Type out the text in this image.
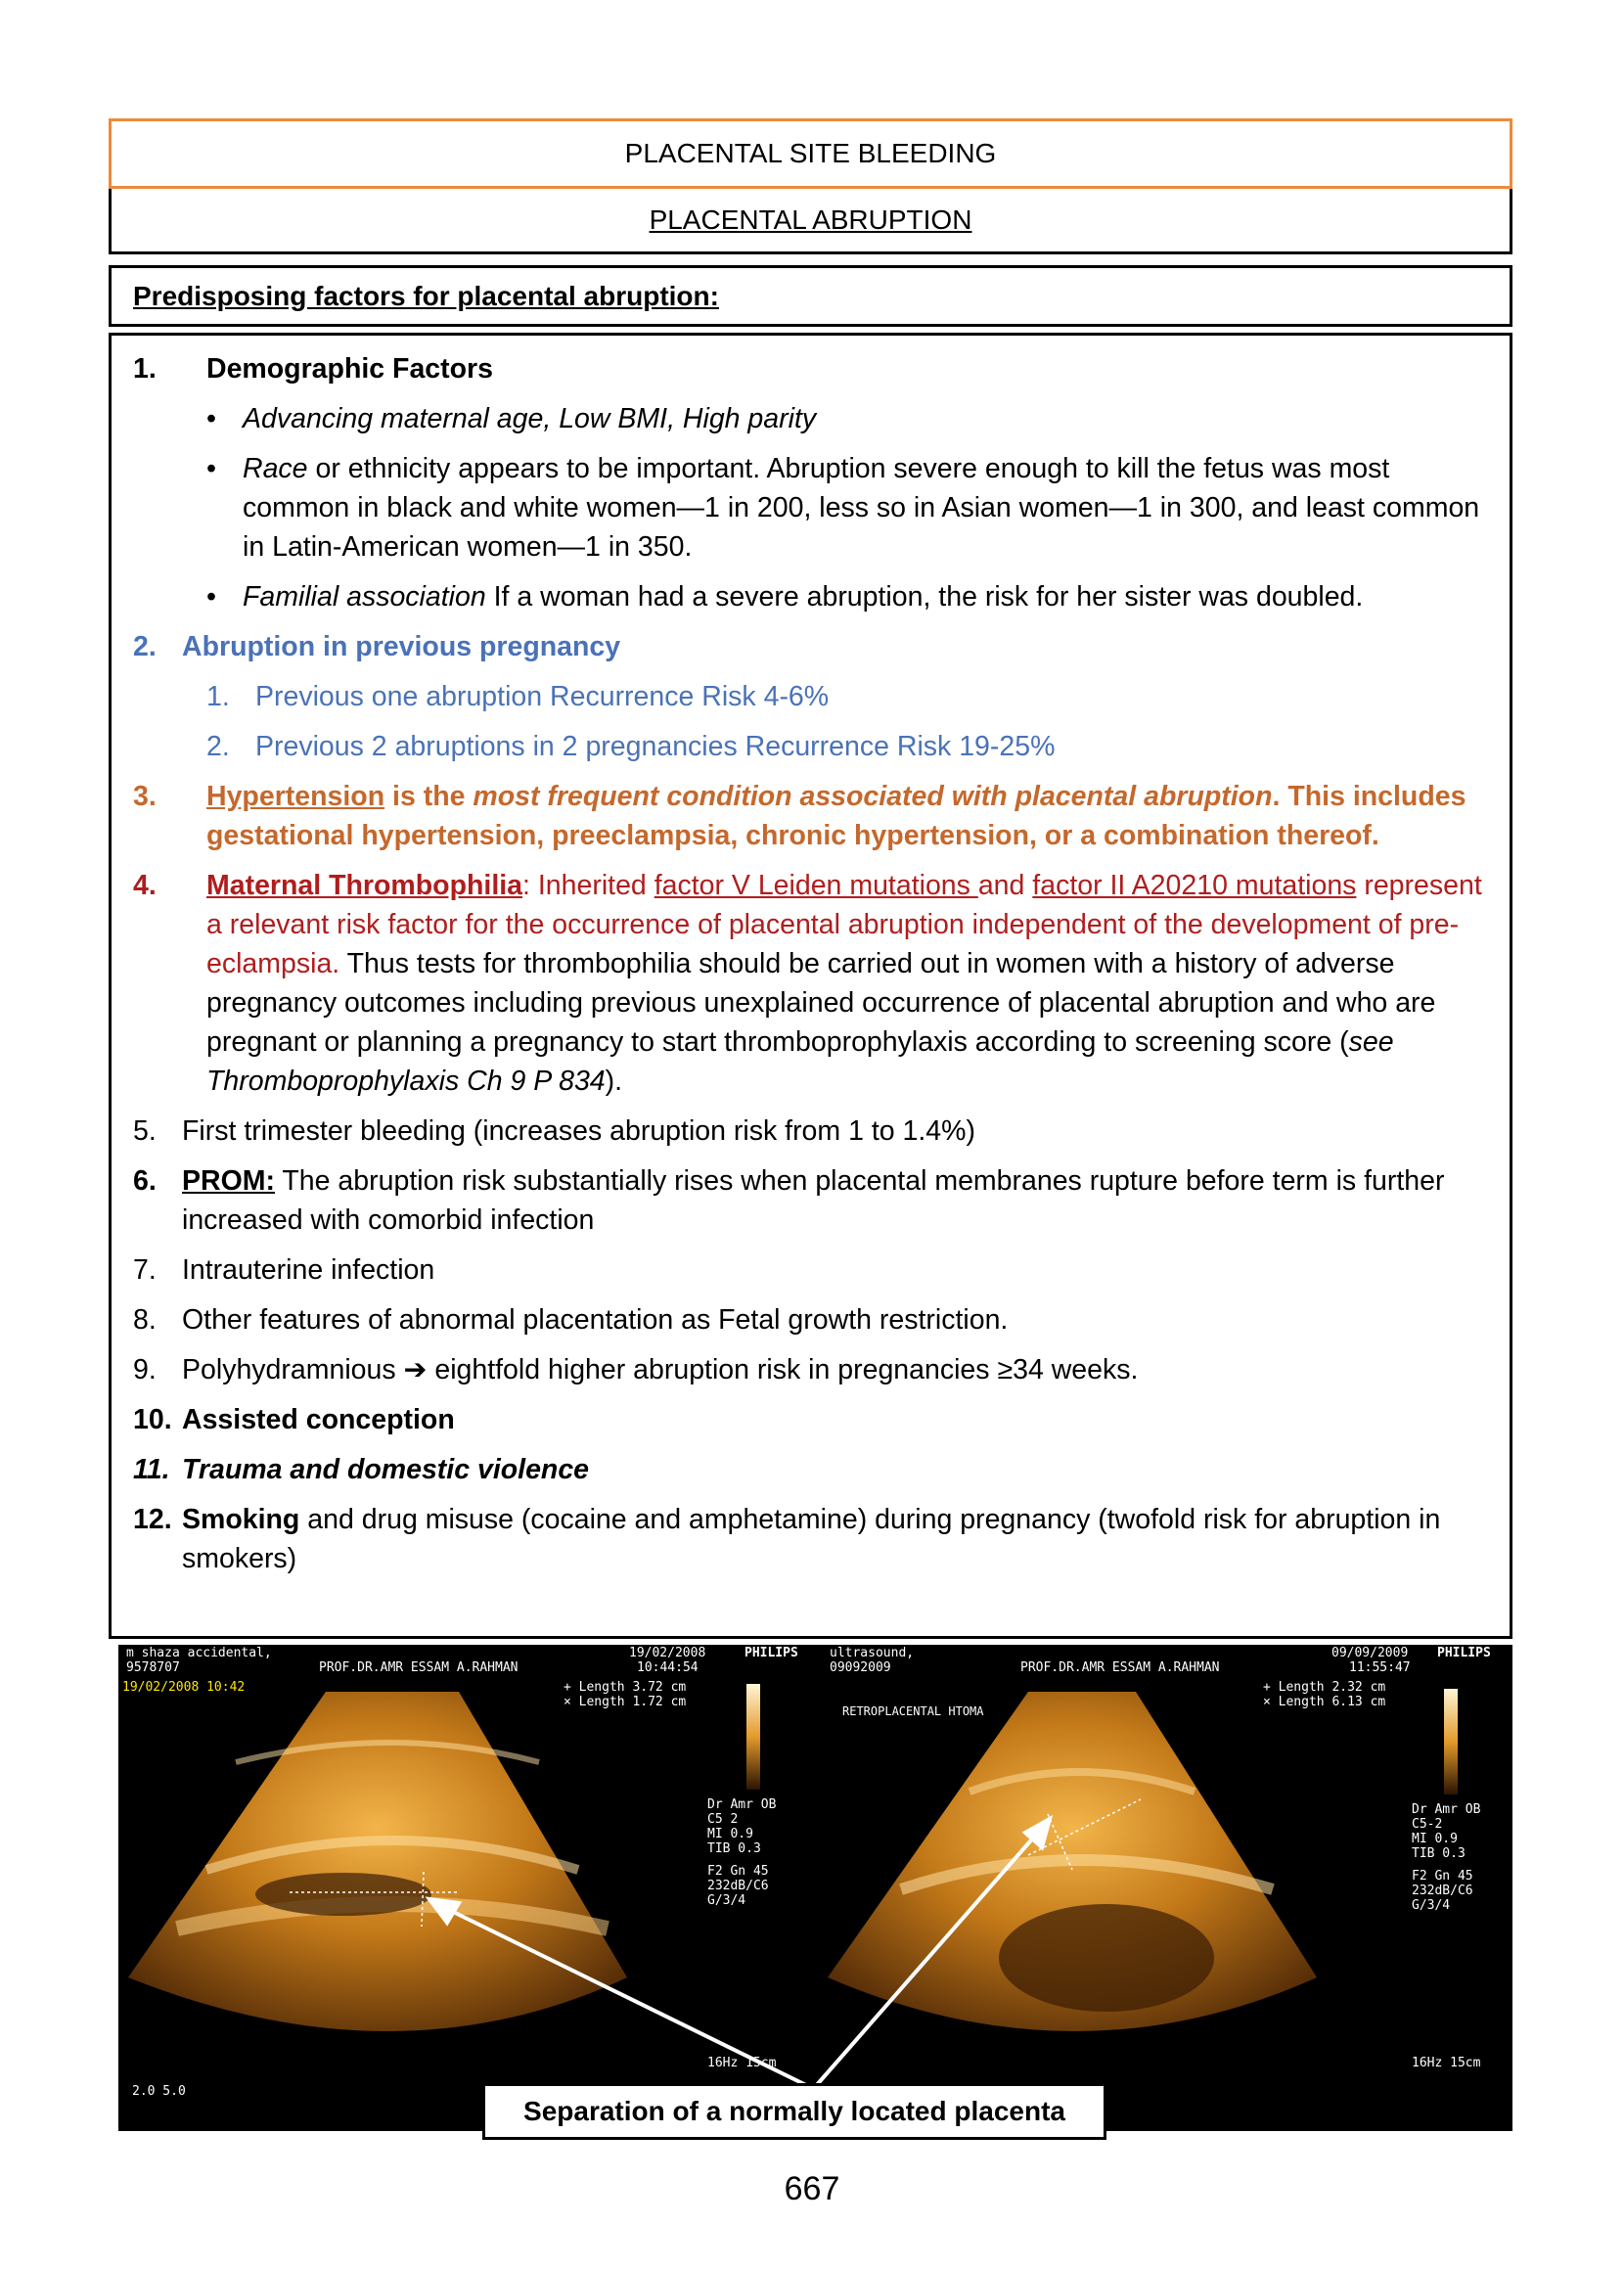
PLACENTAL SITE BLEEDING
PLACENTAL ABRUPTION
Predisposing factors for placental abruption:
1.	Demographic Factors
• Advancing maternal age, Low BMI, High parity
• Race or ethnicity appears to be important. Abruption severe enough to kill the fetus was most common in black and white women—1 in 200, less so in Asian women—1 in 300, and least common in Latin-American women—1 in 350.
• Familial association If a woman had a severe abruption, the risk for her sister was doubled.
2. Abruption in previous pregnancy
1. Previous one abruption Recurrence Risk 4-6%
2. Previous 2 abruptions in 2 pregnancies Recurrence Risk 19-25%
3.	Hypertension is the most frequent condition associated with placental abruption. This includes gestational hypertension, preeclampsia, chronic hypertension, or a combination thereof.
4.	Maternal Thrombophilia: Inherited factor V Leiden mutations and factor II A20210 mutations represent a relevant risk factor for the occurrence of placental abruption independent of the development of pre-eclampsia. Thus tests for thrombophilia should be carried out in women with a history of adverse pregnancy outcomes including previous unexplained occurrence of placental abruption and who are pregnant or planning a pregnancy to start thromboprophylaxis according to screening score (see Thromboprophylaxis Ch 9 P 834).
5. First trimester bleeding (increases abruption risk from 1 to 1.4%)
6. PROM: The abruption risk substantially rises when placental membranes rupture before term is further increased with comorbid infection
7. Intrauterine infection
8. Other features of abnormal placentation as Fetal growth restriction.
9. Polyhydramnious ➔ eightfold higher abruption risk in pregnancies ≥34 weeks.
10. Assisted conception
11. Trauma and domestic violence
12. Smoking and drug misuse (cocaine and amphetamine) during pregnancy (twofold risk for abruption in smokers)
m shaza accidental,
9578707	PROF.DR.AMR ESSAM A.RAHMAN
19/02/2008
10:44:54
PHILIPS
19/02/2008 10:42	+ Length 3.72 cm
× Length 1.72 cm
Dr Amr OB
C5 2
MI 0.9
TIB 0.3
F2 Gn 45
232dB/C6
G/3/4
16Hz 15cm
2.0 5.0
ultrasound,
09092009	PROF.DR.AMR ESSAM A.RAHMAN
09/09/2009
11:55:47
PHILIPS
RETROPLACENTAL HTOMA
+ Length 2.32 cm
× Length 6.13 cm
Dr Amr OB
C5-2
MI 0.9
TIB 0.3
F2 Gn 45
232dB/C6
G/3/4
16Hz 15cm
Separation of a normally located placenta
667
